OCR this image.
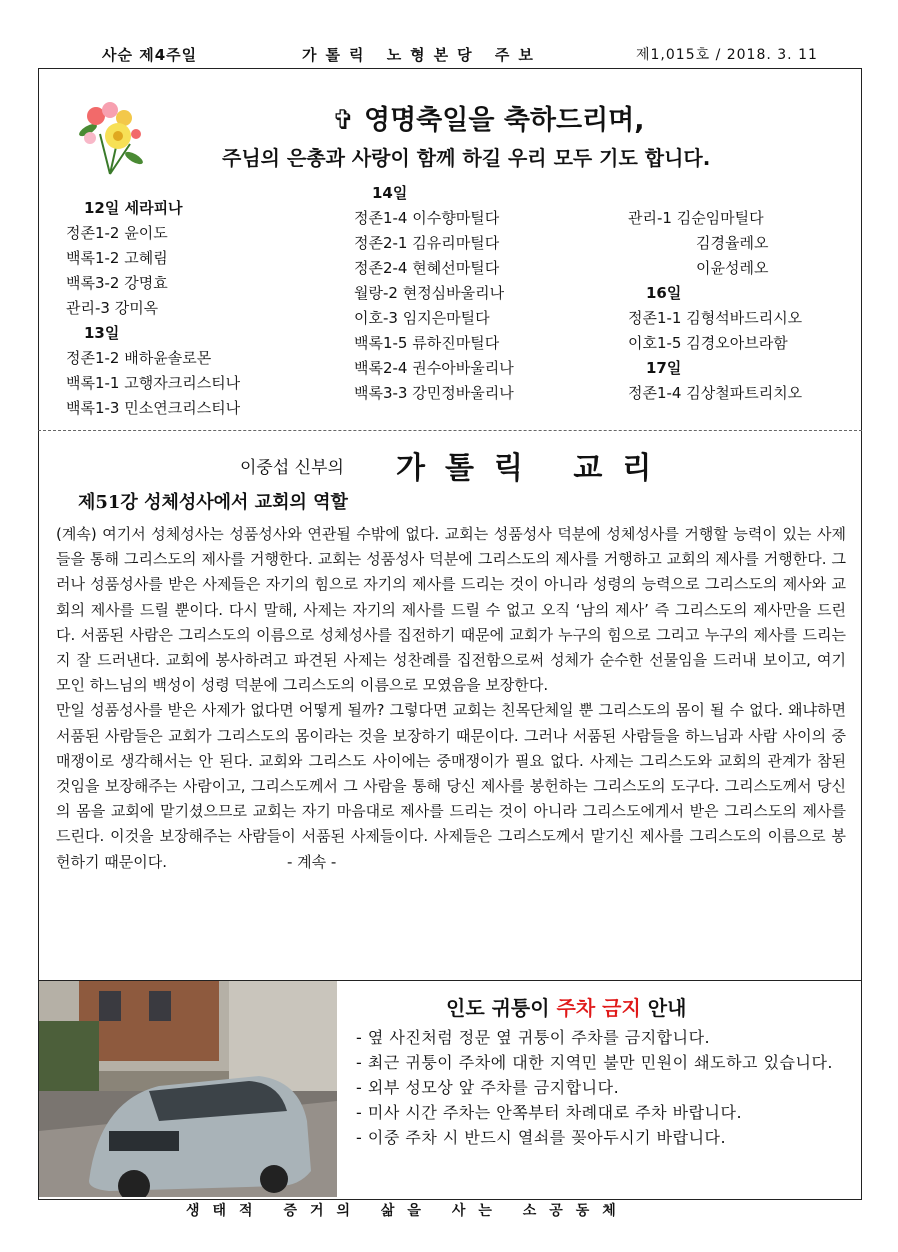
사순 제4주일	가톨릭 노형본당 주보	제1,015호 / 2018. 3. 11
✞ 영명축일을 축하드리며,
주님의 은총과 사랑이 함께 하길 우리 모두 기도 합니다.
12일 세라피나
정존1-2 윤이도
백록1-2 고혜림
백록3-2 강명효
관리-3 강미옥
13일
정존1-2 배하윤솔로몬
백록1-1 고행자크리스티나
백록1-3 민소연크리스티나
14일
정존1-4 이수향마틸다
정존2-1 김유리마틸다
정존2-4 현혜선마틸다
월랑-2 현정심바울리나
이호-3 임지은마틸다
백록1-5 류하진마틸다
백록2-4 권수아바울리나
백록3-3 강민정바울리나
관리-1 김순임마틸다
김경율레오
이윤성레오
16일
정존1-1 김형석바드리시오
이호1-5 김경오아브라함
17일
정존1-4 김상철파트리치오
이중섭 신부의 가톨릭 교리
제51강 성체성사에서 교회의 역할

(계속) 여기서 성체성사는 성품성사와 연관될 수밖에 없다. 교회는 성품성사 덕분에 성체성사를 거행할 능력이 있는 사제들을 통해 그리스도의 제사를 거행한다. 교회는 성품성사 덕분에 그리스도의 제사를 거행하고 교회의 제사를 거행한다. 그러나 성품성사를 받은 사제들은 자기의 힘으로 자기의 제사를 드리는 것이 아니라 성령의 능력으로 그리스도의 제사와 교회의 제사를 드릴 뿐이다. 다시 말해, 사제는 자기의 제사를 드릴 수 없고 오직 ‘남의 제사’ 즉 그리스도의 제사만을 드린다. 서품된 사람은 그리스도의 이름으로 성체성사를 집전하기 때문에 교회가 누구의 힘으로 그리고 누구의 제사를 드리는지 잘 드러낸다. 교회에 봉사하려고 파견된 사제는 성찬례를 집전함으로써 성체가 순수한 선물임을 드러내 보이고, 여기 모인 하느님의 백성이 성령 덕분에 그리스도의 이름으로 모였음을 보장한다.

만일 성품성사를 받은 사제가 없다면 어떻게 될까? 그렇다면 교회는 친목단체일 뿐 그리스도의 몸이 될 수 없다. 왜냐하면 서품된 사람들은 교회가 그리스도의 몸이라는 것을 보장하기 때문이다. 그러나 서품된 사람들을 하느님과 사람 사이의 중매쟁이로 생각해서는 안 된다. 교회와 그리스도 사이에는 중매쟁이가 필요 없다. 사제는 그리스도와 교회의 관계가 참된 것임을 보장해주는 사람이고, 그리스도께서 그 사람을 통해 당신 제사를 봉헌하는 그리스도의 도구다. 그리스도께서 당신의 몸을 교회에 맡기셨으므로 교회는 자기 마음대로 제사를 드리는 것이 아니라 그리스도에게서 받은 그리스도의 제사를 드린다. 이것을 보장해주는 사람들이 서품된 사제들이다. 사제들은 그리스도께서 맡기신 제사를 그리스도의 이름으로 봉헌하기 때문이다.	- 계속 -

인도 귀퉁이 주차 금지 안내
- 옆 사진처럼 정문 옆 귀퉁이 주차를 금지합니다.
- 최근 귀퉁이 주차에 대한 지역민 불만 민원이 쇄도하고 있습니다.
- 외부 성모상 앞 주차를 금지합니다.
- 미사 시간 주차는 안쪽부터 차례대로 주차 바랍니다.
- 이중 주차 시 반드시 열쇠를 꽂아두시기 바랍니다.
생태적 증거의 삶을 사는 소공동체
